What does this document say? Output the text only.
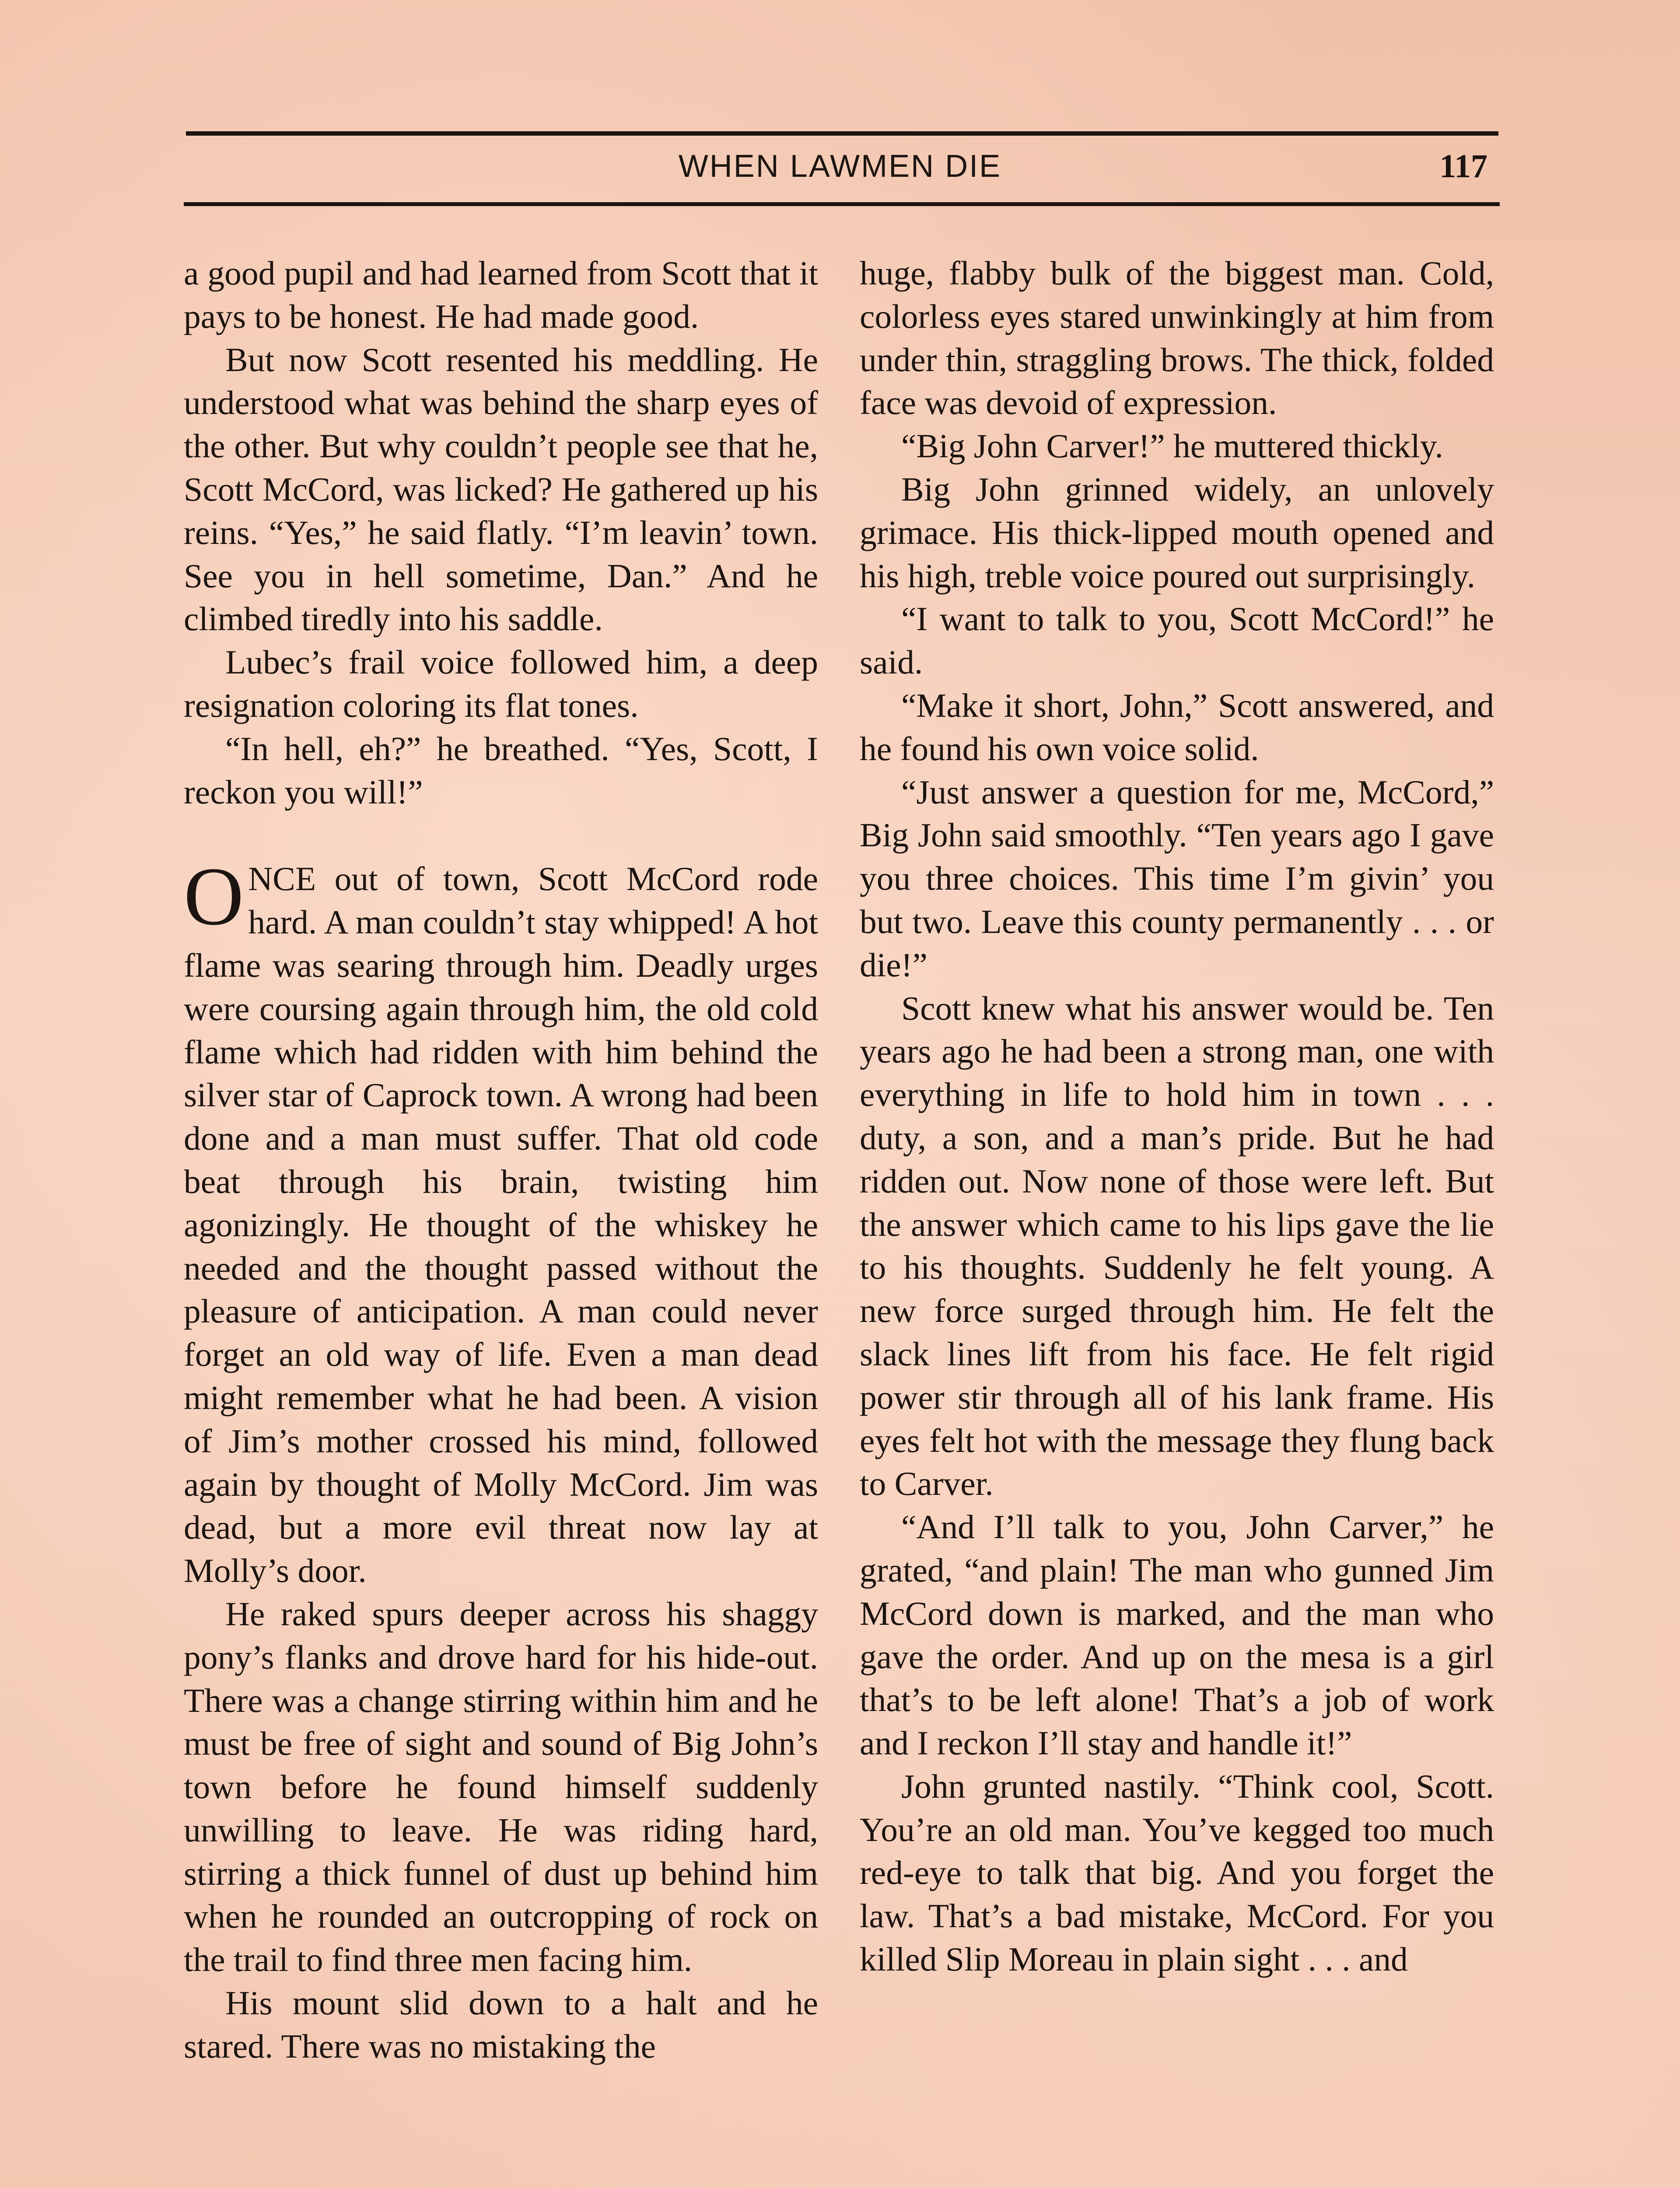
WHEN LAWMEN DIE	117

a good pupil and had learned from Scott that it pays to be honest. He had made good.

But now Scott resented his meddling. He understood what was behind the sharp eyes of the other. But why couldn’t people see that he, Scott McCord, was licked? He gathered up his reins. “Yes,” he said flatly. “I’m leavin’ town. See you in hell sometime, Dan.” And he climbed tiredly into his saddle.

Lubec’s frail voice followed him, a deep resignation coloring its flat tones.

“In hell, eh?” he breathed. “Yes, Scott, I reckon you will!”

ONCE out of town, Scott McCord rode hard. A man couldn’t stay whipped! A hot flame was searing through him. Deadly urges were coursing again through him, the old cold flame which had ridden with him behind the silver star of Caprock town. A wrong had been done and a man must suffer. That old code beat through his brain, twisting him agonizingly. He thought of the whiskey he needed and the thought passed without the pleasure of anticipation. A man could never forget an old way of life. Even a man dead might remember what he had been. A vision of Jim’s mother crossed his mind, followed again by thought of Molly McCord. Jim was dead, but a more evil threat now lay at Molly’s door.

He raked spurs deeper across his shaggy pony’s flanks and drove hard for his hide-out. There was a change stirring within him and he must be free of sight and sound of Big John’s town before he found himself suddenly unwilling to leave. He was riding hard, stirring a thick funnel of dust up behind him when he rounded an outcropping of rock on the trail to find three men facing him.

His mount slid down to a halt and he stared. There was no mistaking the

huge, flabby bulk of the biggest man. Cold, colorless eyes stared unwinkingly at him from under thin, straggling brows. The thick, folded face was devoid of expression.

“Big John Carver!” he muttered thickly.

Big John grinned widely, an unlovely grimace. His thick-lipped mouth opened and his high, treble voice poured out surprisingly.

“I want to talk to you, Scott McCord!” he said.

“Make it short, John,” Scott answered, and he found his own voice solid.

“Just answer a question for me, McCord,” Big John said smoothly. “Ten years ago I gave you three choices. This time I’m givin’ you but two. Leave this county permanently . . . or die!”

Scott knew what his answer would be. Ten years ago he had been a strong man, one with everything in life to hold him in town . . . duty, a son, and a man’s pride. But he had ridden out. Now none of those were left. But the answer which came to his lips gave the lie to his thoughts. Suddenly he felt young. A new force surged through him. He felt the slack lines lift from his face. He felt rigid power stir through all of his lank frame. His eyes felt hot with the message they flung back to Carver.

“And I’ll talk to you, John Carver,” he grated, “and plain! The man who gunned Jim McCord down is marked, and the man who gave the order. And up on the mesa is a girl that’s to be left alone! That’s a job of work and I reckon I’ll stay and handle it!”

John grunted nastily. “Think cool, Scott. You’re an old man. You’ve kegged too much red-eye to talk that big. And you forget the law. That’s a bad mistake, McCord. For you killed Slip Moreau in plain sight . . . and
